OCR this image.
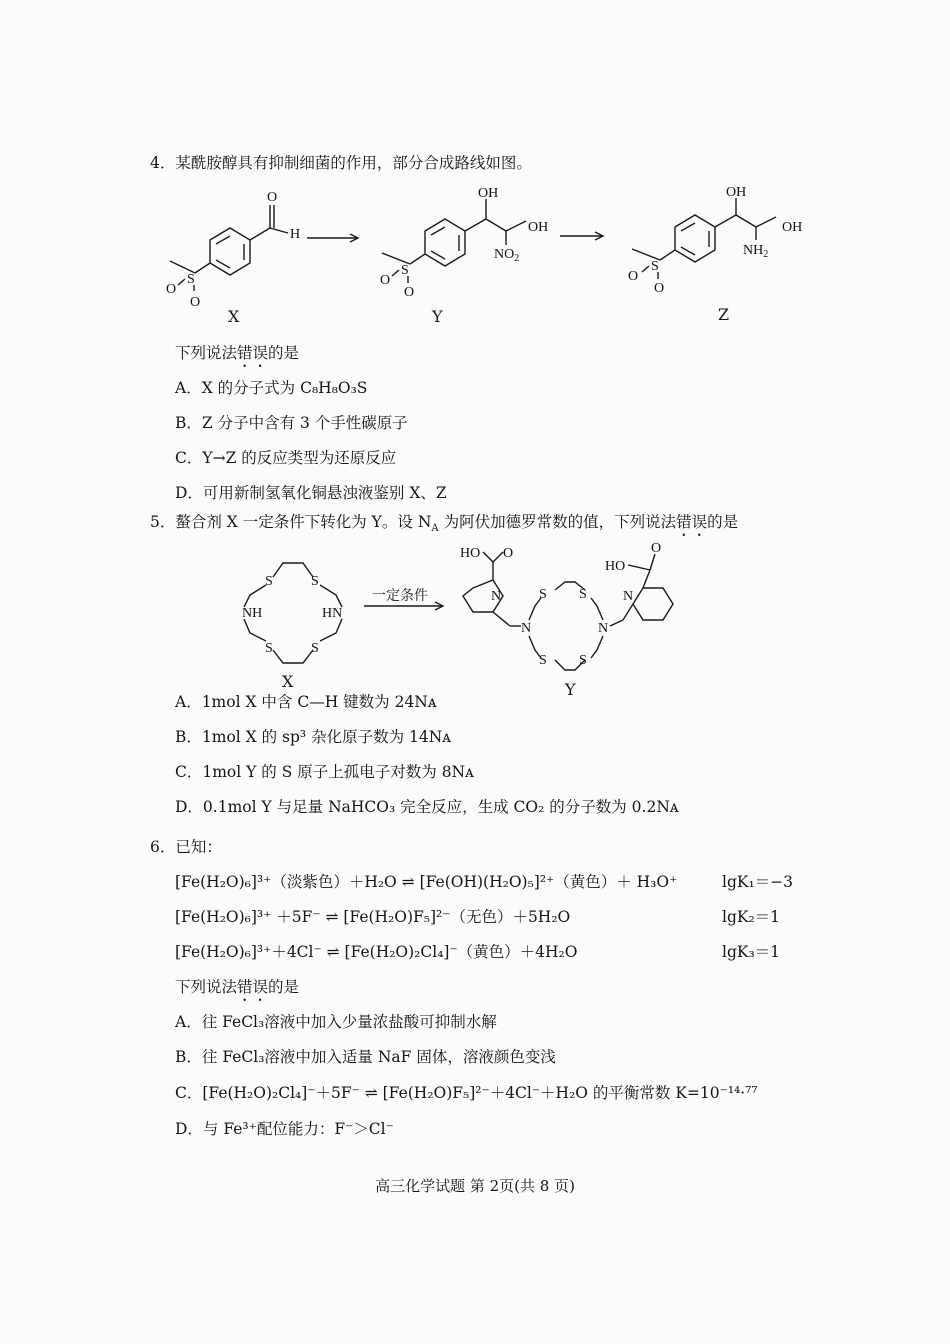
4．某酰胺醇具有抑制细菌的作用，部分合成路线如图。
O
H
S
O
O
X
OH
$NO_2$
OH
S
O
O
Y
OH
$NH_2$
OH
S
O
O
Z
下列说法错误的是
A．X 的分子式为 C₈H₈O₃S
B．Z 分子中含有 3 个手性碳原子
C．Y→Z 的反应类型为还原反应
D．可用新制氢氧化铜悬浊液鉴别 X、Z
5．螯合剂 X 一定条件下转化为 Y。设 $N_A$ 为阿伏加德罗常数的值，下列说法错误的是
S	S
NH	HN
S	S
X
一定条件
HO O
N
N
S S
N
S S
N
HO
O
Y
A．1mol X 中含 C—H 键数为 24Nᴀ
B．1mol X 的 sp³ 杂化原子数为 14Nᴀ
C．1mol Y 的 S 原子上孤电子对数为 8Nᴀ
D．0.1mol Y 与足量 NaHCO₃ 完全反应，生成 CO₂ 的分子数为 0.2Nᴀ
6．已知：
[Fe(H₂O)₆]³⁺（淡紫色）＋H₂O ⇌ [Fe(OH)(H₂O)₅]²⁺（黄色）＋ H₃O⁺	lgK₁＝−3
[Fe(H₂O)₆]³⁺ ＋5F⁻ ⇌ [Fe(H₂O)F₅]²⁻（无色）＋5H₂O	lgK₂＝1
[Fe(H₂O)₆]³⁺＋4Cl⁻ ⇌ [Fe(H₂O)₂Cl₄]⁻（黄色）＋4H₂O	lgK₃＝1
下列说法错误的是
A．往 FeCl₃溶液中加入少量浓盐酸可抑制水解
B．往 FeCl₃溶液中加入适量 NaF 固体，溶液颜色变浅
C．[Fe(H₂O)₂Cl₄]⁻＋5F⁻ ⇌ [Fe(H₂O)F₅]²⁻＋4Cl⁻＋H₂O 的平衡常数 K=10⁻¹⁴·⁷⁷
D．与 Fe³⁺配位能力：F⁻＞Cl⁻
高三化学试题 第 2页(共 8 页)
